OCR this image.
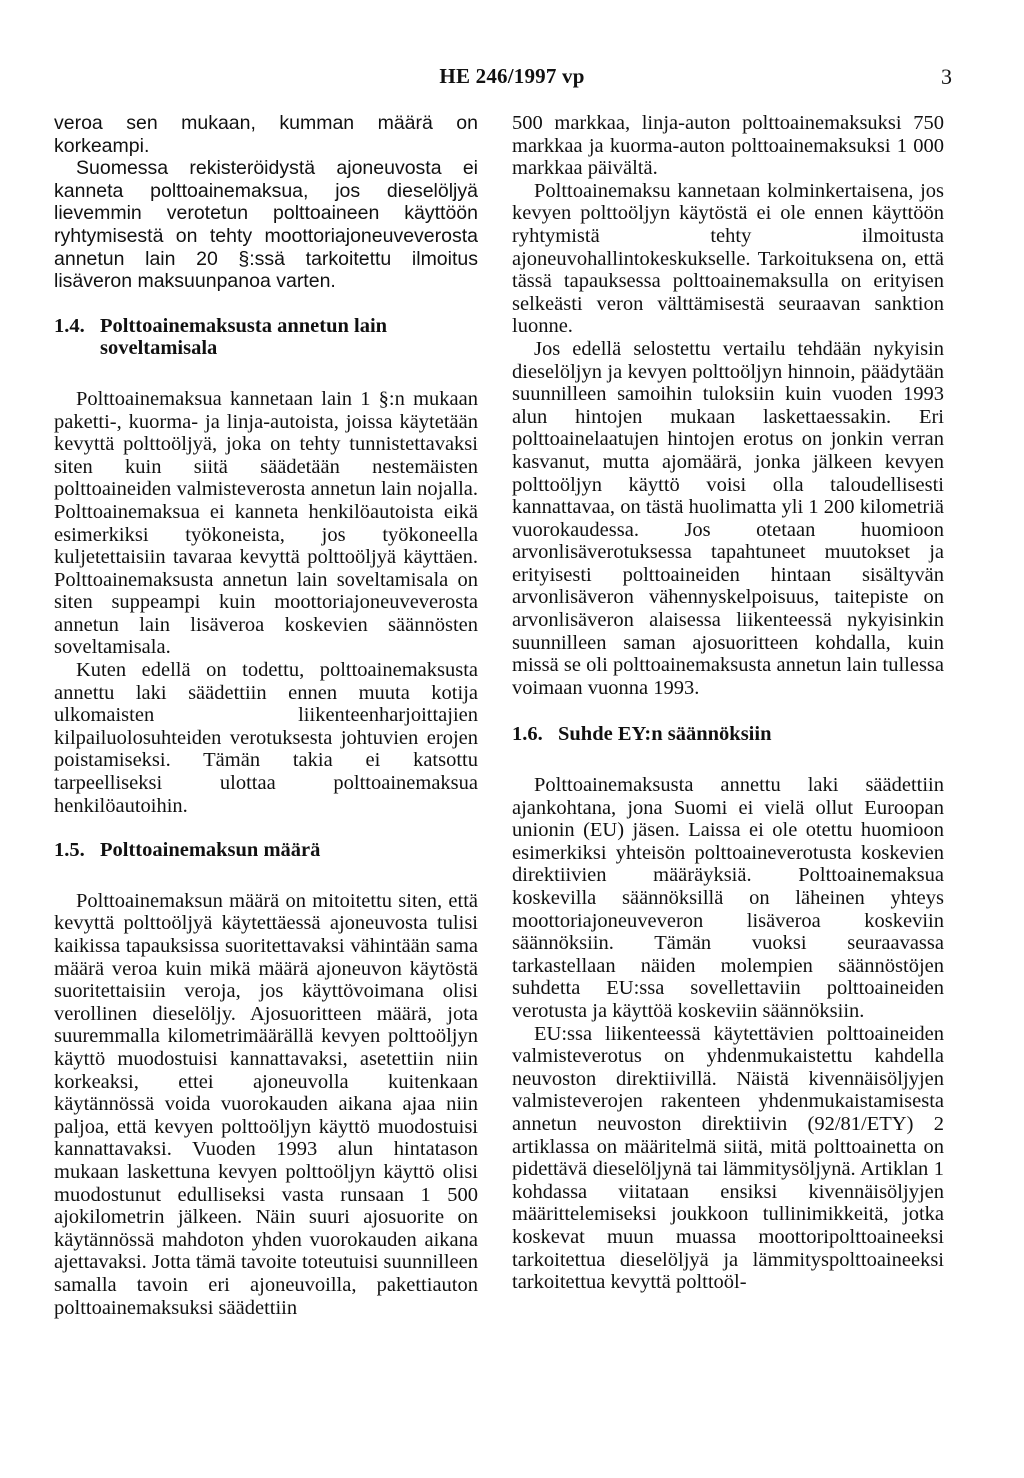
HE 246/1997 vp	3

veroa sen mukaan, kumman määrä on korkeampi.

Suomessa rekisteröidystä ajoneuvosta ei kanneta polttoainemaksua, jos dieselöljyä lievemmin verotetun polttoaineen käyttöön ryhtymisestä on tehty moottoriajoneuveverosta annetun lain 20 §:ssä tarkoitettu ilmoitus lisäveron maksuunpanoa varten.

1.4. Polttoainemaksusta annetun lain soveltamisala

Polttoainemaksua kannetaan lain 1 §:n mukaan paketti-, kuorma- ja linja-autoista, joissa käytetään kevyttä polttoöljyä, joka on tehty tunnistettavaksi siten kuin siitä säädetään nestemäisten polttoaineiden valmisteverosta annetun lain nojalla. Polttoainemaksua ei kanneta henkilöautoista eikä esimerkiksi työkoneista, jos työkoneella kuljetettaisiin tavaraa kevyttä polttoöljyä käyttäen. Polttoainemaksusta annetun lain soveltamisala on siten suppeampi kuin moottoriajoneuveverosta annetun lain lisäveroa koskevien säännösten soveltamisala.

Kuten edellä on todettu, polttoainemaksusta annettu laki säädettiin ennen muuta kotija ulkomaisten liikenteenharjoittajien kilpailuolosuhteiden verotuksesta johtuvien erojen poistamiseksi. Tämän takia ei katsottu tarpeelliseksi ulottaa polttoainemaksua henkilöautoihin.

1.5. Polttoainemaksun määrä

Polttoainemaksun määrä on mitoitettu siten, että kevyttä polttoöljyä käytettäessä ajoneuvosta tulisi kaikissa tapauksissa suoritettavaksi vähintään sama määrä veroa kuin mikä määrä ajoneuvon käytöstä suoritettaisiin veroja, jos käyttövoimana olisi verollinen dieselöljy. Ajosuoritteen määrä, jota suuremmalla kilometrimäärällä kevyen polttoöljyn käyttö muodostuisi kannattavaksi, asetettiin niin korkeaksi, ettei ajoneuvolla kuitenkaan käytännössä voida vuorokauden aikana ajaa niin paljoa, että kevyen polttoöljyn käyttö muodostuisi kannattavaksi. Vuoden 1993 alun hintatason mukaan laskettuna kevyen polttoöljyn käyttö olisi muodostunut edulliseksi vasta runsaan 1 500 ajokilometrin jälkeen. Näin suuri ajosuorite on käytännössä mahdoton yhden vuorokauden aikana ajettavaksi. Jotta tämä tavoite toteutuisi suunnilleen samalla tavoin eri ajoneuvoilla, pakettiauton polttoainemaksuksi säädettiin

500 markkaa, linja-auton polttoainemaksuksi 750 markkaa ja kuorma-auton polttoainemaksuksi 1 000 markkaa päivältä.

Polttoainemaksu kannetaan kolminkertaisena, jos kevyen polttoöljyn käytöstä ei ole ennen käyttöön ryhtymistä tehty ilmoitusta ajoneuvohallintokeskukselle. Tarkoituksena on, että tässä tapauksessa polttoainemaksulla on erityisen selkeästi veron välttämisestä seuraavan sanktion luonne.

Jos edellä selostettu vertailu tehdään nykyisin dieselöljyn ja kevyen polttoöljyn hinnoin, päädytään suunnilleen samoihin tuloksiin kuin vuoden 1993 alun hintojen mukaan laskettaessakin. Eri polttoainelaatujen hintojen erotus on jonkin verran kasvanut, mutta ajomäärä, jonka jälkeen kevyen polttoöljyn käyttö voisi olla taloudellisesti kannattavaa, on tästä huolimatta yli 1 200 kilometriä vuorokaudessa. Jos otetaan huomioon arvonlisäverotuksessa tapahtuneet muutokset ja erityisesti polttoaineiden hintaan sisältyvän arvonlisäveron vähennyskelpoisuus, taitepiste on arvonlisäveron alaisessa liikenteessä nykyisinkin suunnilleen saman ajosuoritteen kohdalla, kuin missä se oli polttoainemaksusta annetun lain tullessa voimaan vuonna 1993.

1.6. Suhde EY:n säännöksiin

Polttoainemaksusta annettu laki säädettiin ajankohtana, jona Suomi ei vielä ollut Euroopan unionin (EU) jäsen. Laissa ei ole otettu huomioon esimerkiksi yhteisön polttoaineverotusta koskevien direktiivien määräyksiä. Polttoainemaksua koskevilla säännöksillä on läheinen yhteys moottoriajoneuveveron lisäveroa koskeviin säännöksiin. Tämän vuoksi seuraavassa tarkastellaan näiden molempien säännöstöjen suhdetta EU:ssa sovellettaviin polttoaineiden verotusta ja käyttöä koskeviin säännöksiin.

EU:ssa liikenteessä käytettävien polttoaineiden valmisteverotus on yhdenmukaistettu kahdella neuvoston direktiivillä. Näistä kivennäisöljyjen valmisteverojen rakenteen yhdenmukaistamisesta annetun neuvoston direktiivin (92/81/ETY) 2 artiklassa on määritelmä siitä, mitä polttoainetta on pidettävä dieselöljynä tai lämmitysöljynä. Artiklan 1 kohdassa viitataan ensiksi kivennäisöljyjen määrittelemiseksi joukkoon tullinimikkeitä, jotka koskevat muun muassa moottoripolttoaineeksi tarkoitettua dieselöljyä ja lämmityspolttoaineeksi tarkoitettua kevyttä polttoöl-
